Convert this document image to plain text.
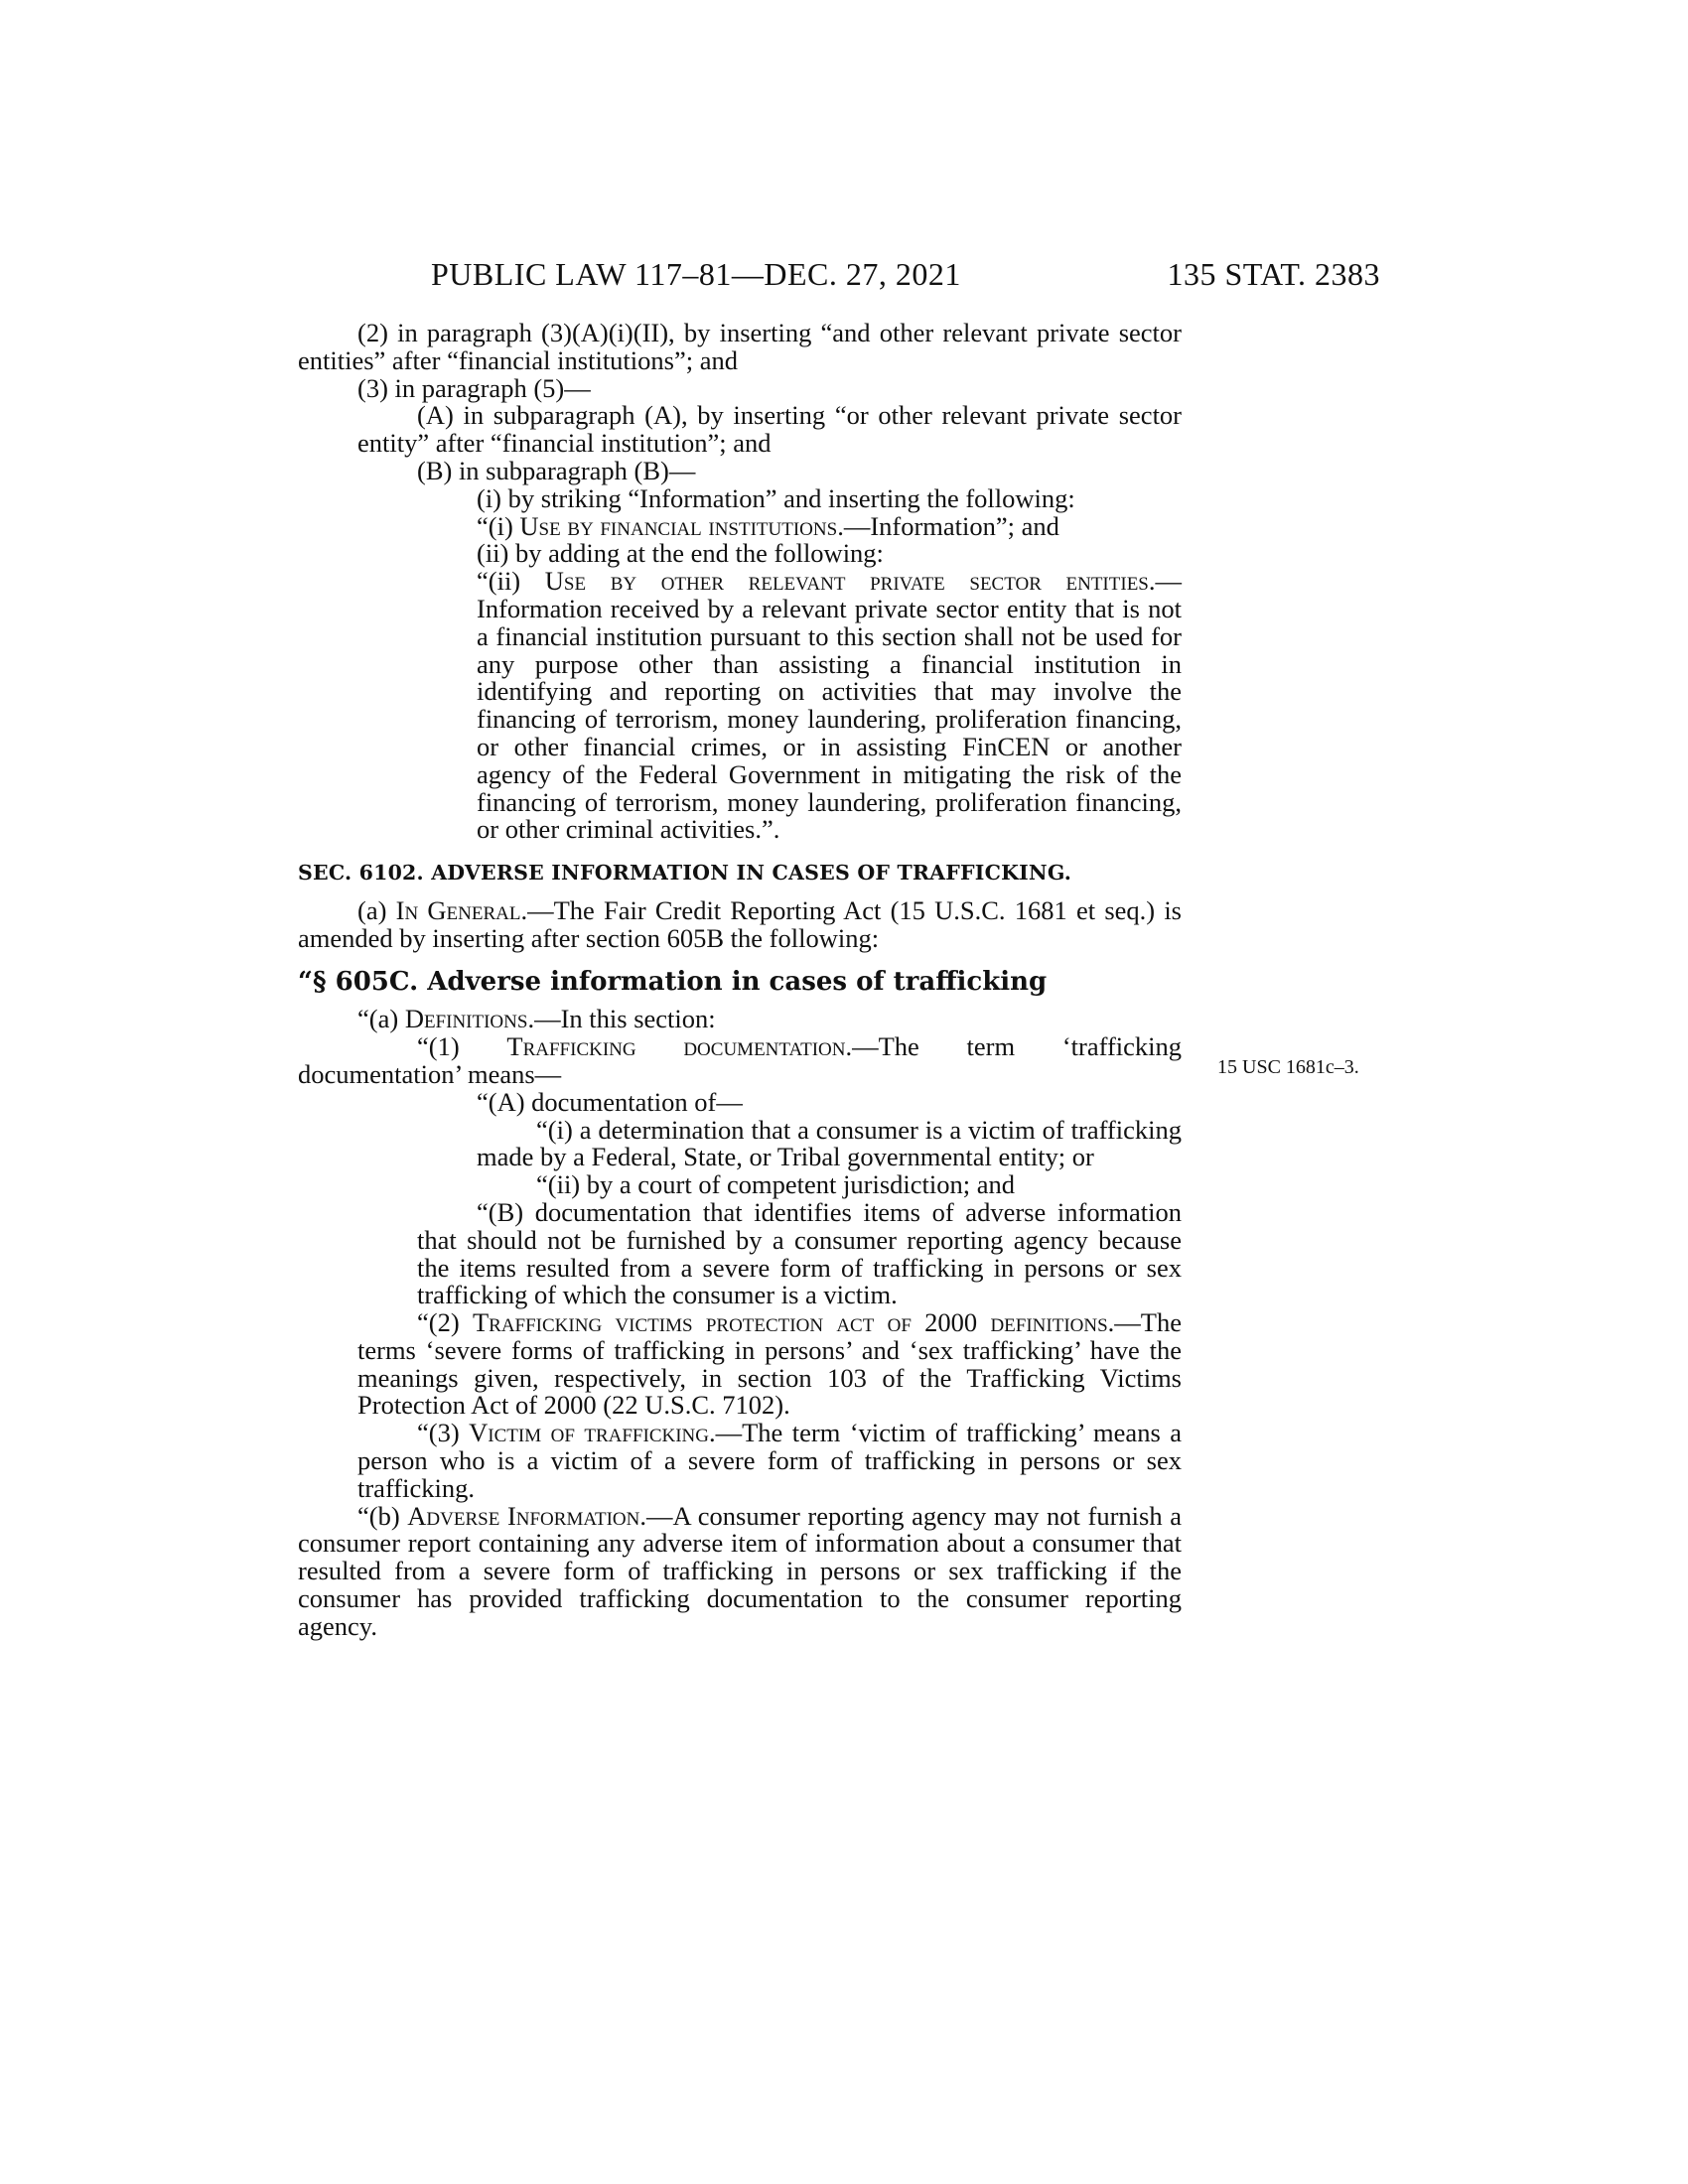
PUBLIC LAW 117–81—DEC. 27, 2021	135 STAT. 2383
15 USC 1681c–3.

(2) in paragraph (3)(A)(i)(II), by inserting “and other relevant private sector entities” after “financial institutions”; and

(3) in paragraph (5)—

(A) in subparagraph (A), by inserting “or other relevant private sector entity” after “financial institution”; and

(B) in subparagraph (B)—

(i) by striking “Information” and inserting the following:

“(i) Use by financial institutions.—Information”; and

(ii) by adding at the end the following:

“(ii) Use by other relevant private sector entities.—Information received by a relevant private sector entity that is not a financial institution pursuant to this section shall not be used for any purpose other than assisting a financial institution in identifying and reporting on activities that may involve the financing of terrorism, money laundering, proliferation financing, or other financial crimes, or in assisting FinCEN or another agency of the Federal Government in mitigating the risk of the financing of terrorism, money laundering, proliferation financing, or other criminal activities.”.

SEC. 6102. ADVERSE INFORMATION IN CASES OF TRAFFICKING.

(a) In General.—The Fair Credit Reporting Act (15 U.S.C. 1681 et seq.) is amended by inserting after section 605B the following:

“§ 605C. Adverse information in cases of trafficking

“(a) Definitions.—In this section:

“(1) Trafficking documentation.—The term ‘trafficking documentation’ means—

“(A) documentation of—

“(i) a determination that a consumer is a victim of trafficking made by a Federal, State, or Tribal governmental entity; or

“(ii) by a court of competent jurisdiction; and

“(B) documentation that identifies items of adverse information that should not be furnished by a consumer reporting agency because the items resulted from a severe form of trafficking in persons or sex trafficking of which the consumer is a victim.

“(2) Trafficking victims protection act of 2000 definitions.—The terms ‘severe forms of trafficking in persons’ and ‘sex trafficking’ have the meanings given, respectively, in section 103 of the Trafficking Victims Protection Act of 2000 (22 U.S.C. 7102).

“(3) Victim of trafficking.—The term ‘victim of trafficking’ means a person who is a victim of a severe form of trafficking in persons or sex trafficking.

“(b) Adverse Information.—A consumer reporting agency may not furnish a consumer report containing any adverse item of information about a consumer that resulted from a severe form of trafficking in persons or sex trafficking if the consumer has provided trafficking documentation to the consumer reporting agency.
